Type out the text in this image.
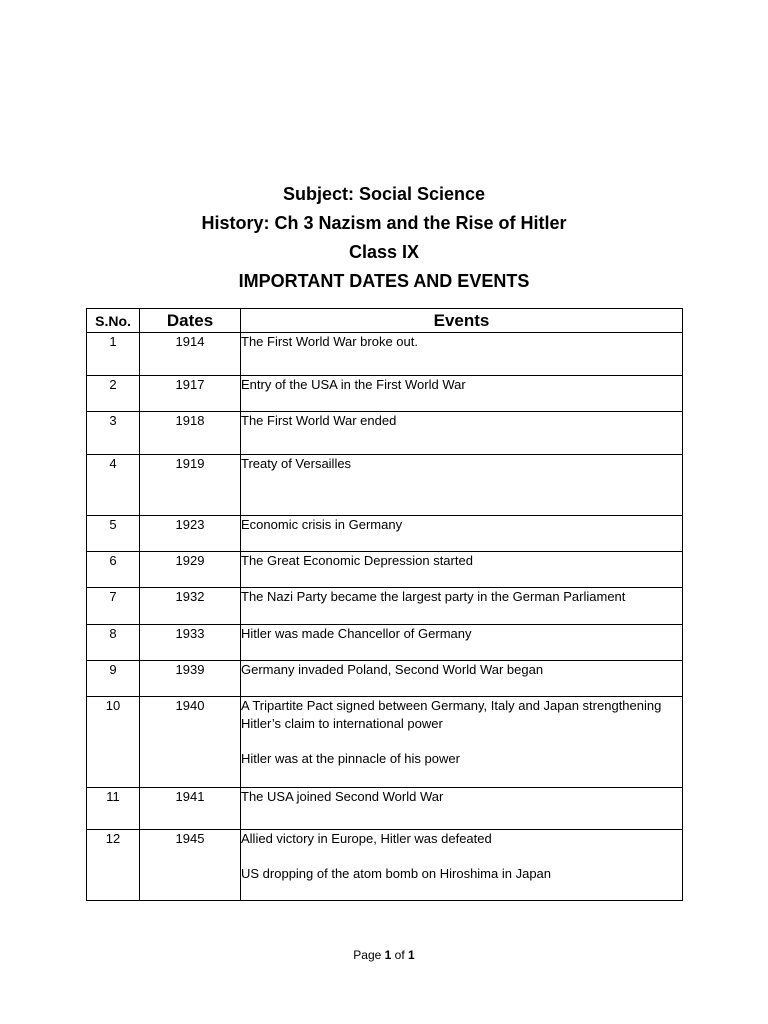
Subject: Social Science
History: Ch 3 Nazism and the Rise of Hitler
Class IX
IMPORTANT DATES AND EVENTS
S.No.	Dates	Events
1	1914	The First World War broke out.

2	1917	Entry of the USA in the First World War

3	1918	The First World War ended

4	1919	Treaty of Versailles

5	1923	Economic crisis in Germany

6	1929	The Great Economic Depression started

7	1932	The Nazi Party became the largest party in the German Parliament

8	1933	Hitler was made Chancellor of Germany

9	1939	Germany invaded Poland, Second World War began

10	1940	A Tripartite Pact signed between Germany, Italy and Japan strengthening Hitler’s claim to international power
Hitler was at the pinnacle of his power

11	1941	The USA joined Second World War

12	1945	Allied victory in Europe, Hitler was defeated
US dropping of the atom bomb on Hiroshima in Japan
Page 1 of 1
